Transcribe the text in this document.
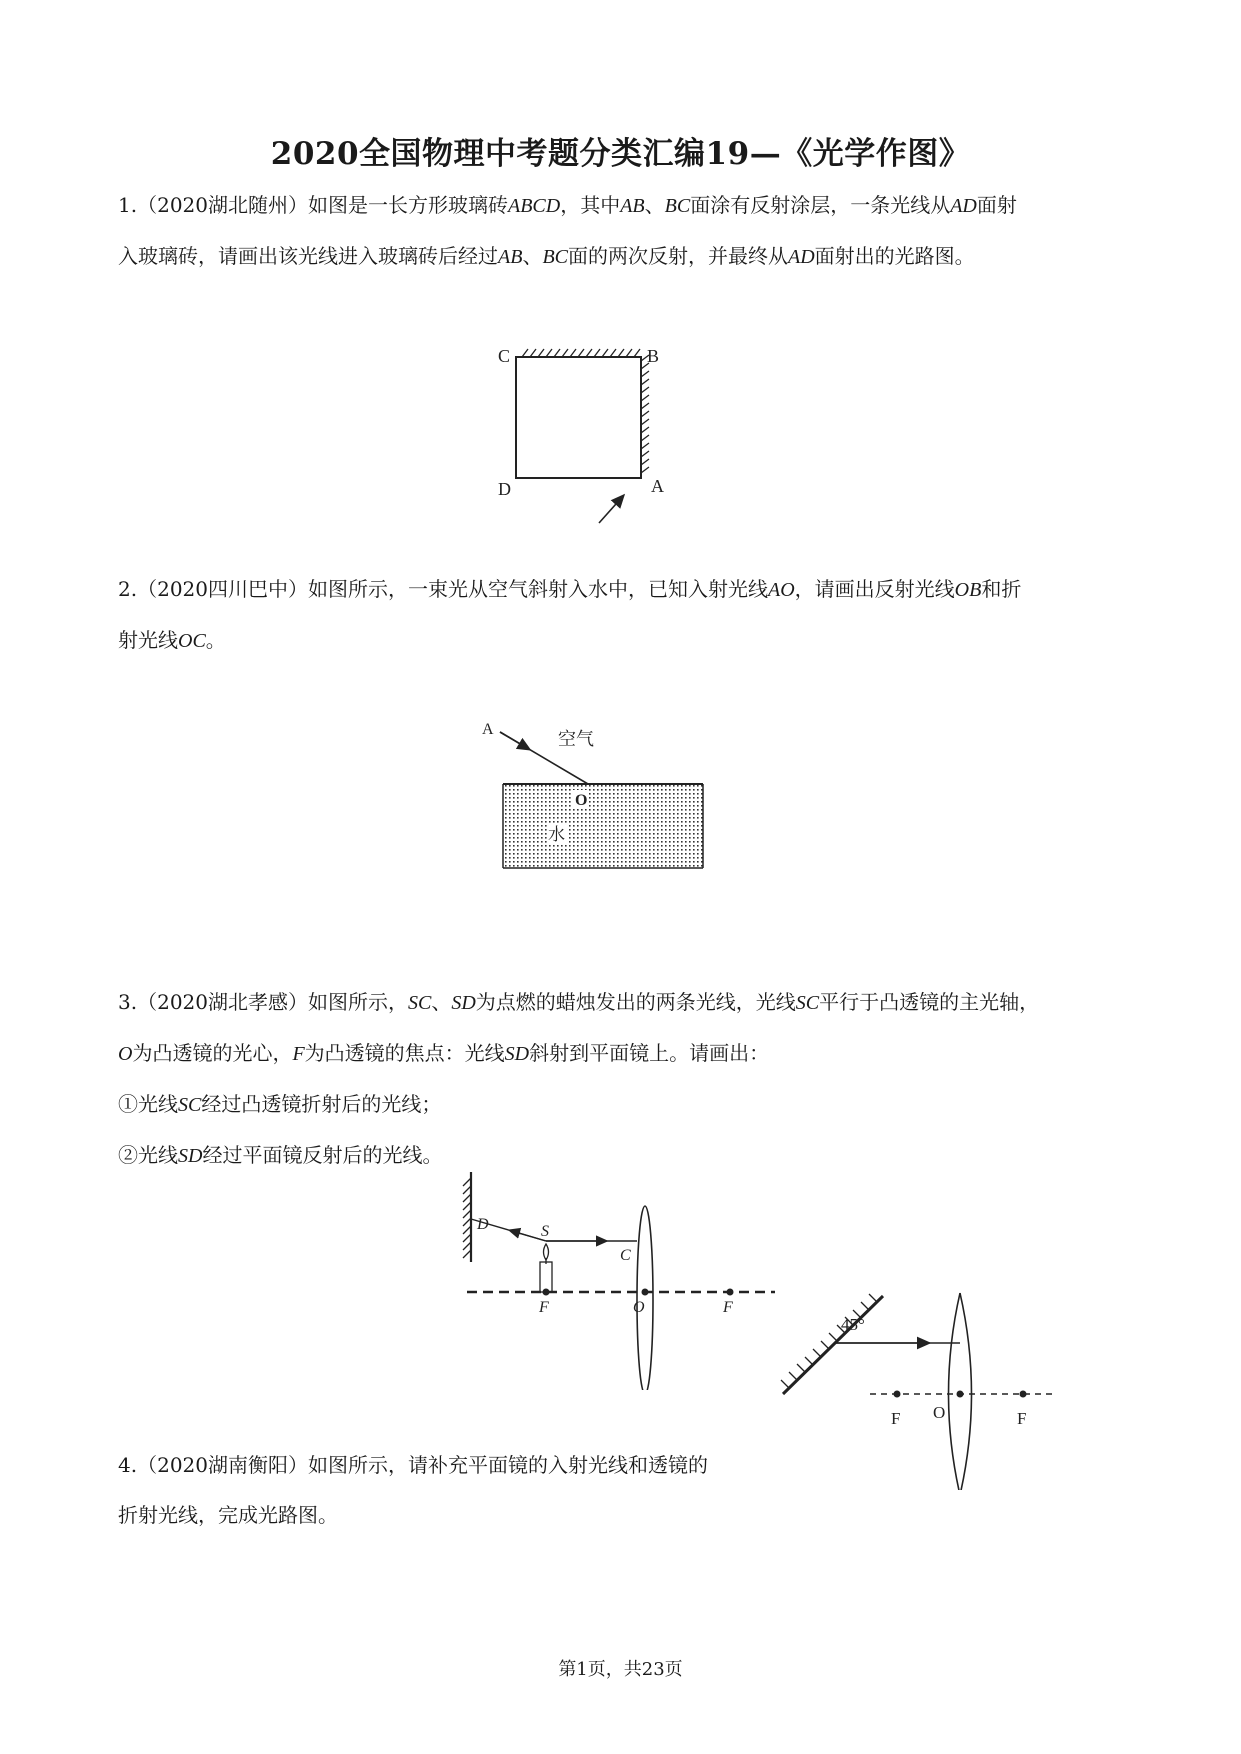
2020全国物理中考题分类汇编19—《光学作图》
1.（2020湖北随州）如图是一长方形玻璃砖ABCD，其中AB、BC面涂有反射涂层，一条光线从AD面射
入玻璃砖，请画出该光线进入玻璃砖后经过AB、BC面的两次反射，并最终从AD面射出的光路图。
C	B
D	A
2.（2020四川巴中）如图所示，一束光从空气斜射入水中，已知入射光线AO，请画出反射光线OB和折
射光线OC。
A	空气
O
水
3.（2020湖北孝感）如图所示，SC、SD为点燃的蜡烛发出的两条光线，光线SC平行于凸透镜的主光轴，
O为凸透镜的光心，F为凸透镜的焦点：光线SD斜射到平面镜上。请画出：
①光线SC经过凸透镜折射后的光线；
②光线SD经过平面镜反射后的光线。
D	S
C
F	O	F
4.（2020湖南衡阳）如图所示，请补充平面镜的入射光线和透镜的
折射光线，完成光路图。
45°
F O	F
第1页，共23页
